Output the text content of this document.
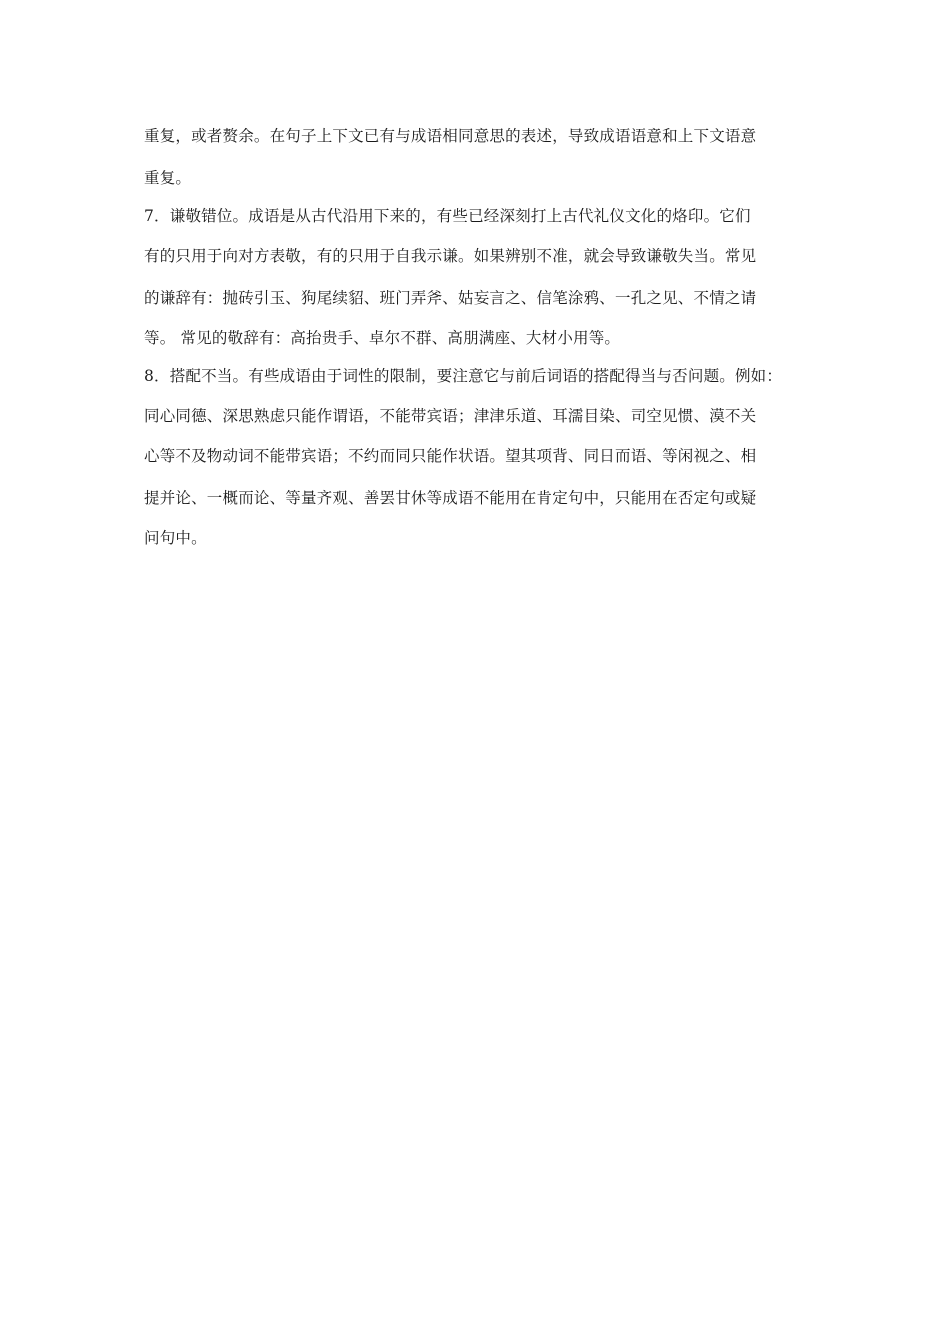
重复，或者赘余。在句子上下文已有与成语相同意思的表述，导致成语语意和上下文语意
重复。
7．谦敬错位。成语是从古代沿用下来的，有些已经深刻打上古代礼仪文化的烙印。它们
有的只用于向对方表敬，有的只用于自我示谦。如果辨别不准，就会导致谦敬失当。常见
的谦辞有：抛砖引玉、狗尾续貂、班门弄斧、姑妄言之、信笔涂鸦、一孔之见、不情之请
等。 常见的敬辞有：高抬贵手、卓尔不群、高朋满座、大材小用等。
8．搭配不当。有些成语由于词性的限制，要注意它与前后词语的搭配得当与否问题。例如：
同心同德、深思熟虑只能作谓语，不能带宾语；津津乐道、耳濡目染、司空见惯、漠不关
心等不及物动词不能带宾语；不约而同只能作状语。望其项背、同日而语、等闲视之、相
提并论、一概而论、等量齐观、善罢甘休等成语不能用在肯定句中，只能用在否定句或疑
问句中。
